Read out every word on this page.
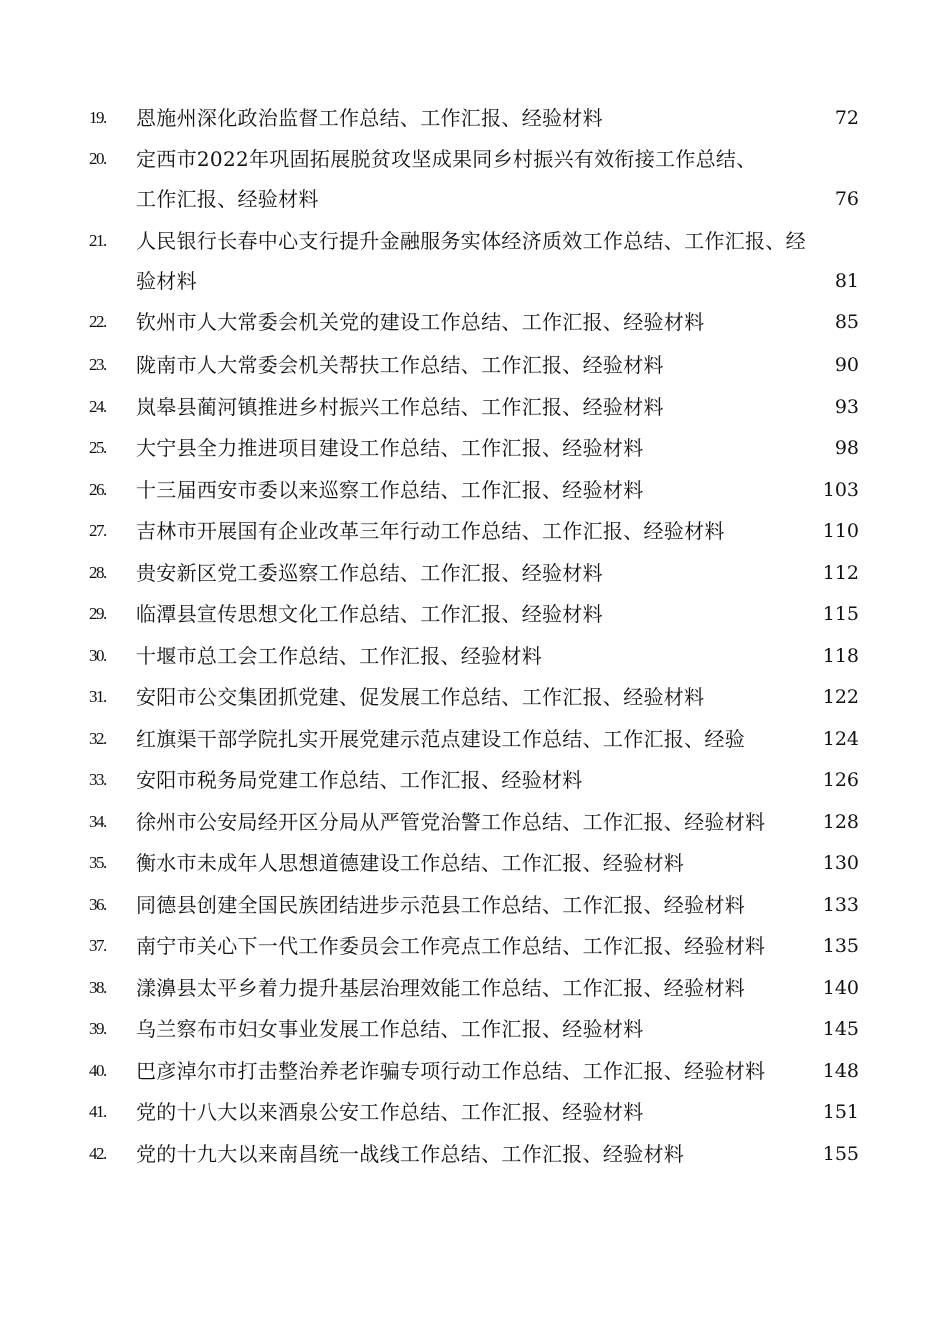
19.	恩施州深化政治监督工作总结、工作汇报、经验材料	72
20.	定西市2022年巩固拓展脱贫攻坚成果同乡村振兴有效衔接工作总结、
工作汇报、经验材料	76
21.	人民银行长春中心支行提升金融服务实体经济质效工作总结、工作汇报、经
验材料	81
22.	钦州市人大常委会机关党的建设工作总结、工作汇报、经验材料	85
23.	陇南市人大常委会机关帮扶工作总结、工作汇报、经验材料	90
24.	岚皋县蔺河镇推进乡村振兴工作总结、工作汇报、经验材料	93
25.	大宁县全力推进项目建设工作总结、工作汇报、经验材料	98
26.	十三届西安市委以来巡察工作总结、工作汇报、经验材料	103
27.	吉林市开展国有企业改革三年行动工作总结、工作汇报、经验材料	110
28.	贵安新区党工委巡察工作总结、工作汇报、经验材料	112
29.	临潭县宣传思想文化工作总结、工作汇报、经验材料	115
30.	十堰市总工会工作总结、工作汇报、经验材料	118
31.	安阳市公交集团抓党建、促发展工作总结、工作汇报、经验材料	122
32.	红旗渠干部学院扎实开展党建示范点建设工作总结、工作汇报、经验	124
33.	安阳市税务局党建工作总结、工作汇报、经验材料	126
34.	徐州市公安局经开区分局从严管党治警工作总结、工作汇报、经验材料	128
35.	衡水市未成年人思想道德建设工作总结、工作汇报、经验材料	130
36.	同德县创建全国民族团结进步示范县工作总结、工作汇报、经验材料	133
37.	南宁市关心下一代工作委员会工作亮点工作总结、工作汇报、经验材料	135
38.	漾濞县太平乡着力提升基层治理效能工作总结、工作汇报、经验材料	140
39.	乌兰察布市妇女事业发展工作总结、工作汇报、经验材料	145
40.	巴彦淖尔市打击整治养老诈骗专项行动工作总结、工作汇报、经验材料	148
41.	党的十八大以来酒泉公安工作总结、工作汇报、经验材料	151
42.	党的十九大以来南昌统一战线工作总结、工作汇报、经验材料	155
